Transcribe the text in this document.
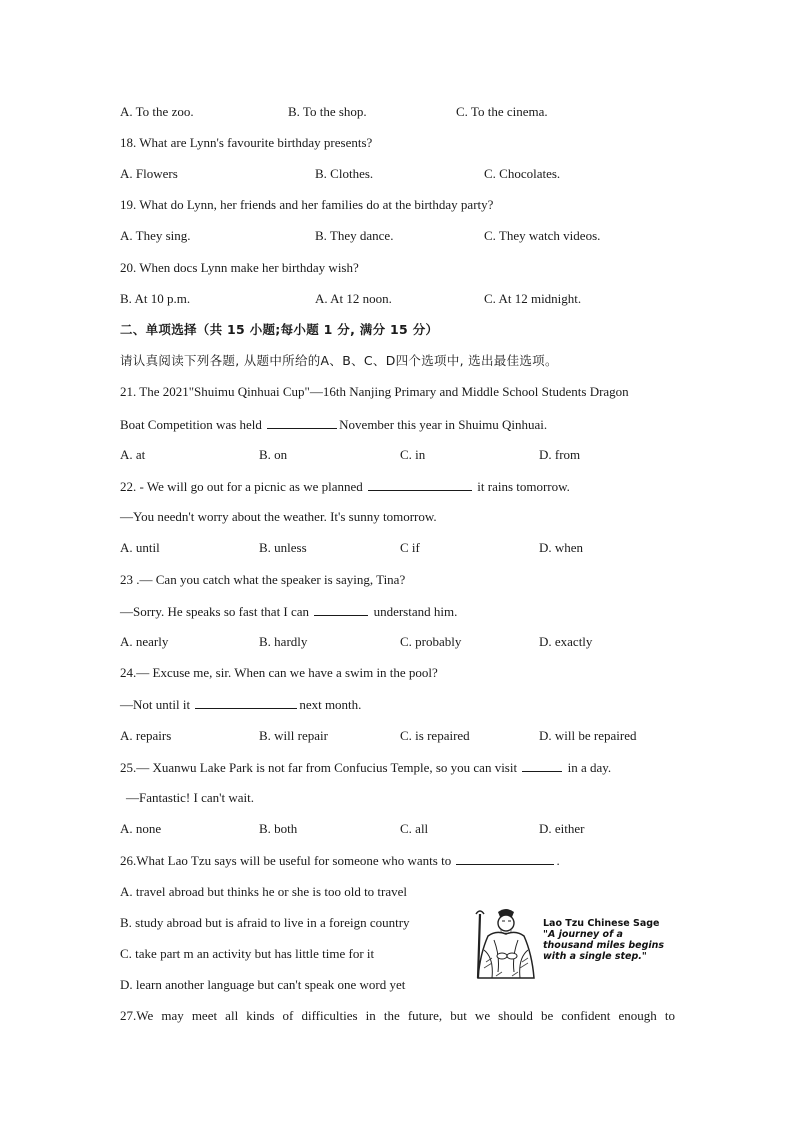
A. To the zoo.	B. To the shop.	C. To the cinema.
18. What are Lynn's favourite birthday presents?
A. Flowers	B. Clothes.	C. Chocolates.
19. What do Lynn, her friends and her families do at the birthday party?
A. They sing.	B. They dance.	C. They watch videos.
20. When docs Lynn make her birthday wish?
B. At 10 p.m.	A. At 12 noon.	C. At 12 midnight.
二、单项选择（共 15 小题;每小题 1 分, 满分 15 分）
请认真阅读下列各题, 从题中所给的A、B、C、D四个选项中, 选出最佳选项。
21. The 2021"Shuimu Qinhuai Cup"—16th Nanjing Primary and Middle School Students Dragon
Boat Competition was held	November this year in Shuimu Qinhuai.
A. at	B. on	C. in	D. from
22. - We will go out for a picnic as we planned	it rains tomorrow.
—You needn't worry about the weather. It's sunny tomorrow.
A. until	B. unless	C if	D. when
23 .— Can you catch what the speaker is saying, Tina?
—Sorry. He speaks so fast that I can	understand him.
A. nearly	B. hardly	C. probably	D. exactly
24.— Excuse me, sir. When can we have a swim in the pool?
—Not until it	next month.
A. repairs	B. will repair	C. is repaired	D. will be repaired
25.— Xuanwu Lake Park is not far from Confucius Temple, so you can visit	in a day.
—Fantastic! I can't wait.
A. none	B. both	C. all	D. either
26.What Lao Tzu says will be useful for someone who wants to	.
A. travel abroad but thinks he or she is too old to travel
B. study abroad but is afraid to live in a foreign country
C. take part m an activity but has little time for it
D. learn another language but can't speak one word yet
Lao Tzu Chinese Sage
"A journey of a
thousand miles begins
with a single step."
27.We may meet all kinds of difficulties in the future, but we should be confident enough to
